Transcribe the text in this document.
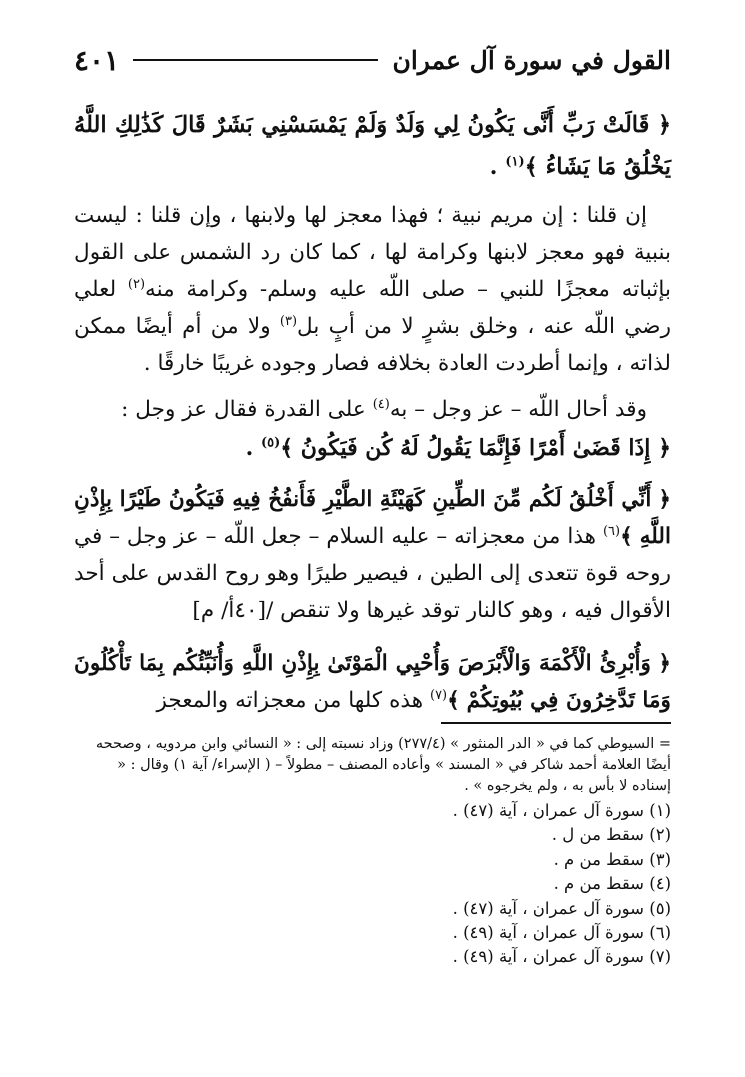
القول في سورة آل عمران
٤٠١

﴿ قَالَتْ رَبِّ أَنَّى يَكُونُ لِي وَلَدٌ وَلَمْ يَمْسَسْنِي بَشَرٌ قَالَ كَذَٰلِكِ اللَّهُ يَخْلُقُ مَا يَشَاءُ ﴾$^{(١)}$ .

إن قلنا : إن مريم نبية ؛ فهذا معجز لها ولابنها ، وإن قلنا : ليست بنبية فهو معجز لابنها وكرامة لها ، كما كان رد الشمس على القول بإثباته معجزًا للنبي – صلى اللّه عليه وسلم- وكرامة منه$^{(٢)}$ لعلي رضي اللّه عنه ، وخلق بشرٍ لا من أبٍ بل$^{(٣)}$ ولا من أم أيضًا ممكن لذاته ، وإنما أطردت العادة بخلافه فصار وجوده غريبًا خارقًا .

وقد أحال اللّه – عز وجل – به$^{(٤)}$ على القدرة فقال عز وجل :

﴿ إِذَا قَضَىٰ أَمْرًا فَإِنَّمَا يَقُولُ لَهُ كُن فَيَكُونُ ﴾$^{(٥)}$ .

﴿ أَنِّي أَخْلُقُ لَكُم مِّنَ الطِّينِ كَهَيْئَةِ الطَّيْرِ فَأَنفُخُ فِيهِ فَيَكُونُ طَيْرًا بِإِذْنِ اللَّهِ ﴾$^{(٦)}$ هذا من معجزاته – عليه السلام – جعل اللّه – عز وجل – في روحه قوة تتعدى إلى الطين ، فيصير طيرًا وهو روح القدس على أحد الأقوال فيه ، وهو كالنار توقد غيرها ولا تنقص /[٤٠أ/ م]

﴿ وَأُبْرِئُ الْأَكْمَهَ وَالْأَبْرَصَ وَأُحْيِي الْمَوْتَىٰ بِإِذْنِ اللَّهِ وَأُنَبِّئُكُم بِمَا تَأْكُلُونَ وَمَا تَدَّخِرُونَ فِي بُيُوتِكُمْ ﴾$^{(٧)}$ هذه كلها من معجزاته والمعجز

= السيوطي كما في « الدر المنثور » (٢٧٧/٤) وزاد نسبته إلى : « النسائي وابن مردويه ، وصححه أيضًا العلامة أحمد شاكر في « المسند » وأعاده المصنف – مطولاً – ( الإسراء/ آية ١) وقال : « إسناده لا بأس به ، ولم يخرجوه » .

(١) سورة آل عمران ، آية (٤٧) .
(٢) سقط من ل .
(٣) سقط من م .
(٤) سقط من م .
(٥) سورة آل عمران ، آية (٤٧) .
(٦) سورة آل عمران ، آية (٤٩) .
(٧) سورة آل عمران ، آية (٤٩) .
